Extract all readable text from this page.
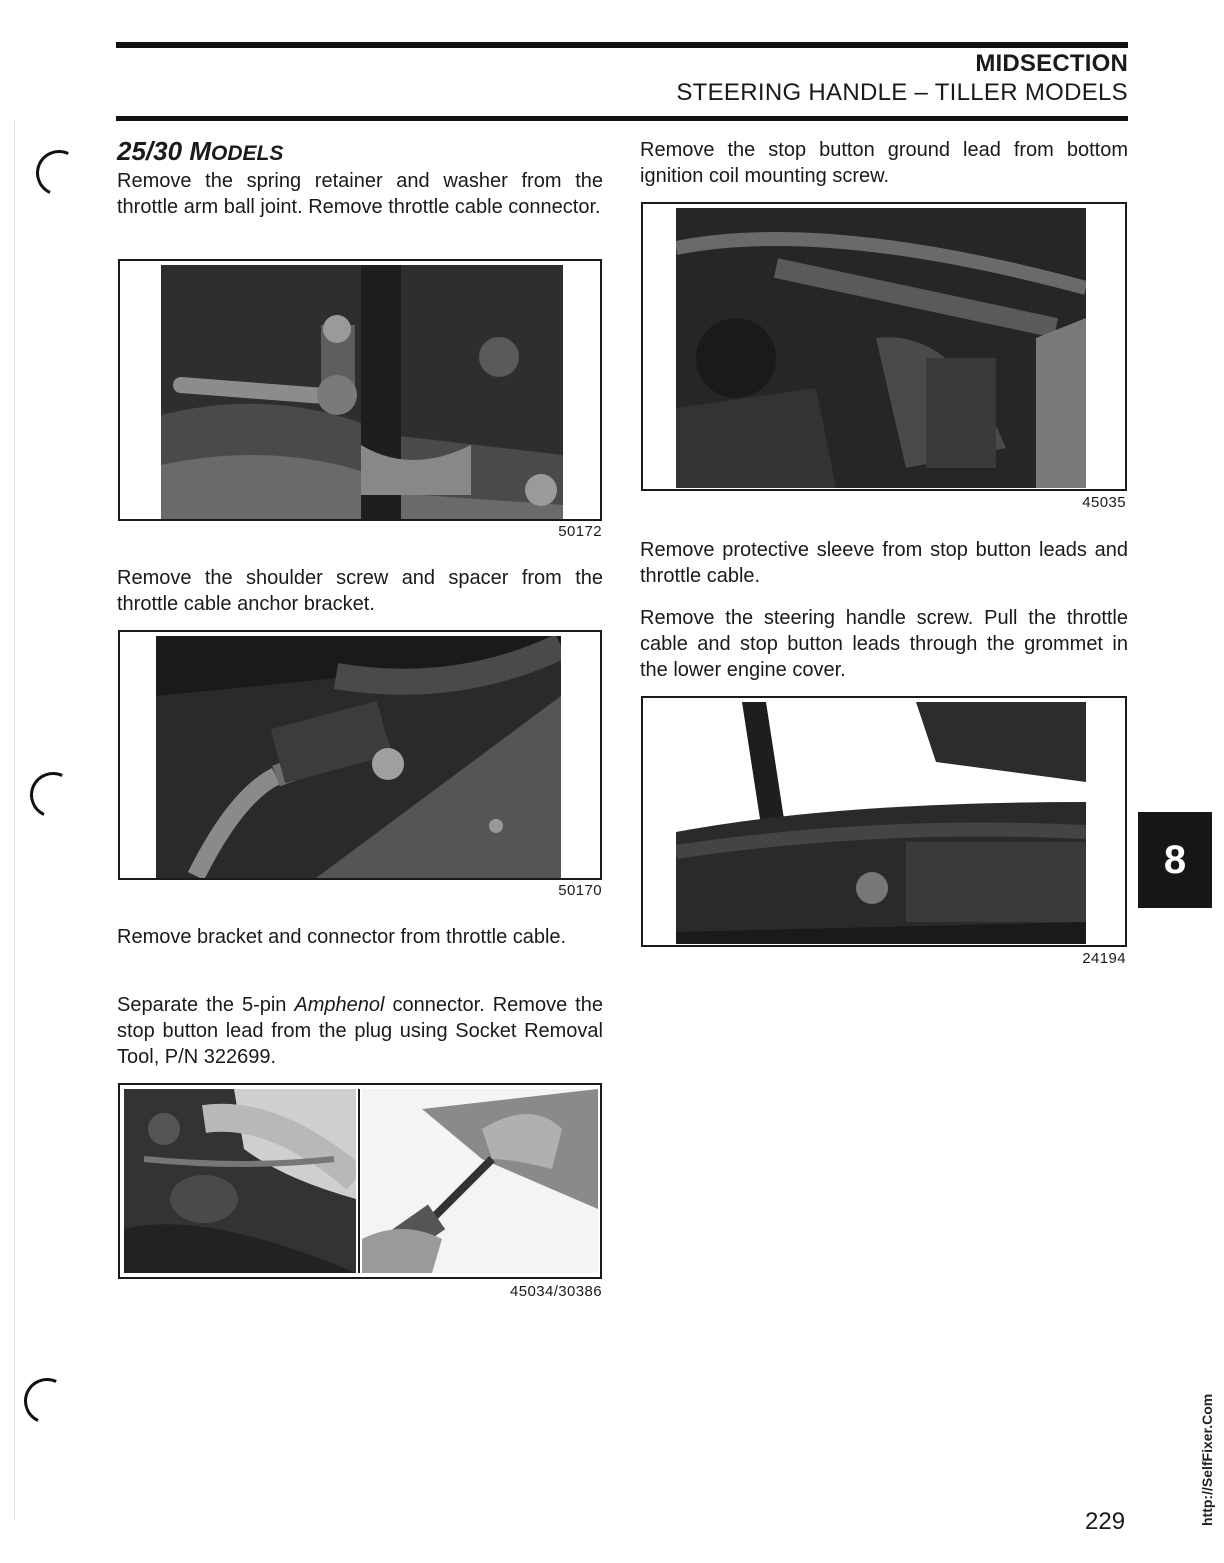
MIDSECTION
STEERING HANDLE – TILLER MODELS
25/30 MODELS

Remove the spring retainer and washer from the throttle arm ball joint. Remove throttle cable connector.

50172

Remove the shoulder screw and spacer from the throttle cable anchor bracket.

50170

Remove bracket and connector from throttle cable.

Separate the 5-pin Amphenol connector. Remove the stop button lead from the plug using Socket Removal Tool, P/N 322699.

45034/30386

Remove the stop button ground lead from bottom ignition coil mounting screw.

45035

Remove protective sleeve from stop button leads and throttle cable.

Remove the steering handle screw. Pull the throttle cable and stop button leads through the grommet in the lower engine cover.

24194
8
229	http://SelfFixer.Com
